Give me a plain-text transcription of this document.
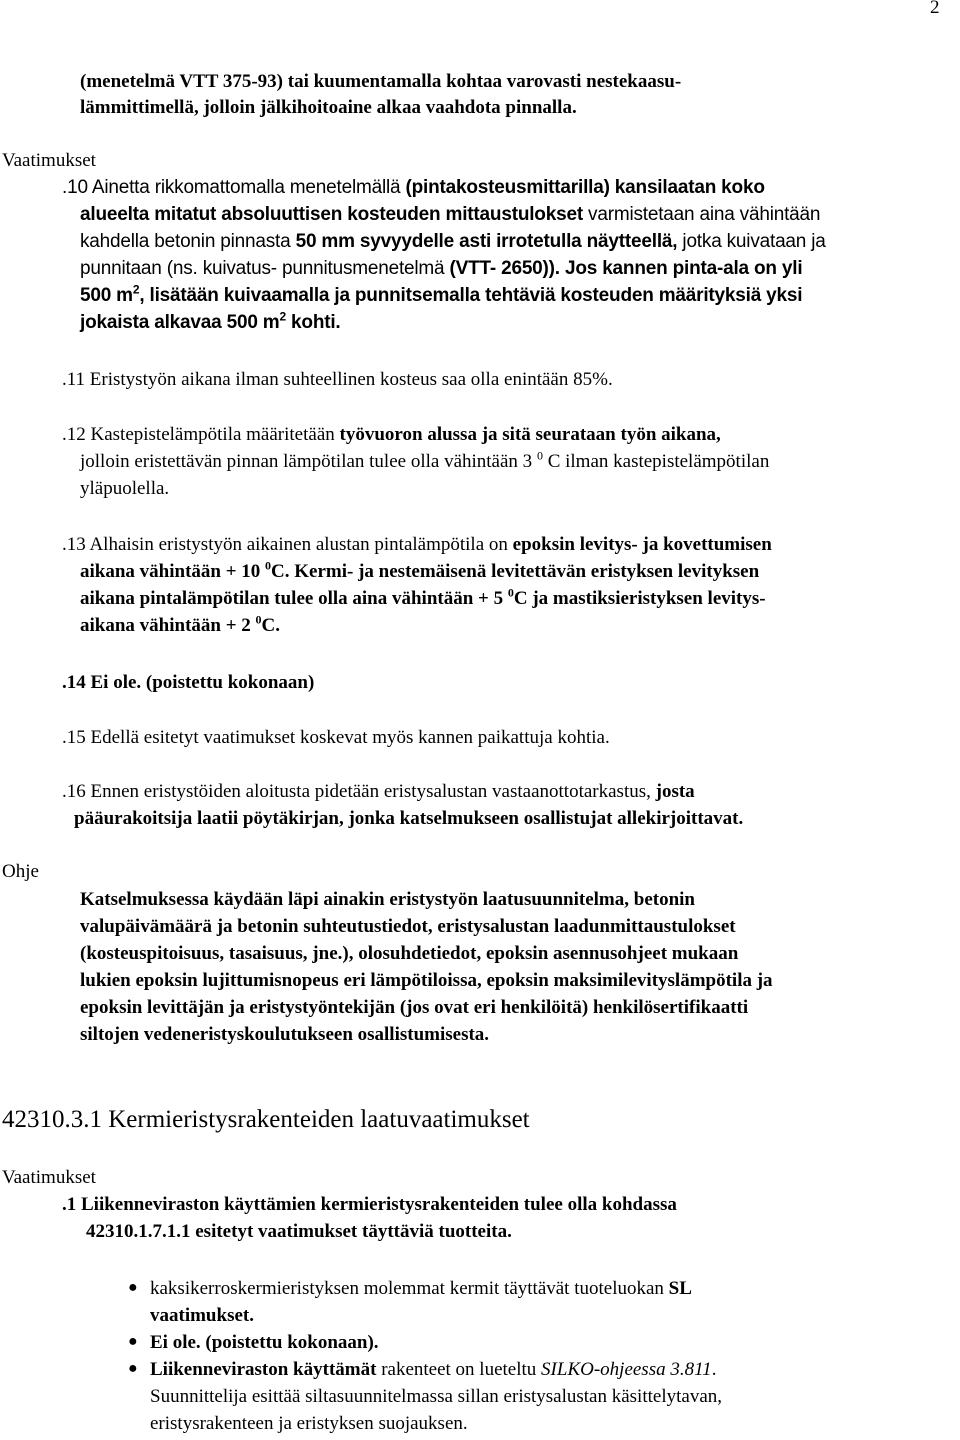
2
(menetelmä VTT 375-93) tai kuumentamalla kohtaa varovasti nestekaasu-
lämmittimellä, jolloin jälkihoitoaine alkaa vaahdota pinnalla.
Vaatimukset
.10 Ainetta rikkomattomalla menetelmällä (pintakosteusmittarilla) kansilaatan koko
alueelta mitatut absoluuttisen kosteuden mittaustulokset varmistetaan aina vähintään
kahdella betonin pinnasta 50 mm syvyydelle asti irrotetulla näytteellä, jotka kuivataan ja
punnitaan (ns. kuivatus- punnitusmenetelmä (VTT- 2650)). Jos kannen pinta-ala on yli
500 $m^2$, lisätään kuivaamalla ja punnitsemalla tehtäviä kosteuden määrityksiä yksi
jokaista alkavaa 500 $m^2$ kohti.
.11 Eristystyön aikana ilman suhteellinen kosteus saa olla enintään 85%.
.12 Kastepistelämpötila määritetään työvuoron alussa ja sitä seurataan työn aikana,
jolloin eristettävän pinnan lämpötilan tulee olla vähintään 3 $^0$ C ilman kastepistelämpötilan
yläpuolella.
.13 Alhaisin eristystyön aikainen alustan pintalämpötila on epoksin levitys- ja kovettumisen
aikana vähintään + 10 $^0$C. Kermi- ja nestemäisenä levitettävän eristyksen levityksen
aikana pintalämpötilan tulee olla aina vähintään + 5 $^0$C ja mastiksieristyksen levitys-
aikana vähintään + 2 $^0$C.
.14 Ei ole. (poistettu kokonaan)
.15 Edellä esitetyt vaatimukset koskevat myös kannen paikattuja kohtia.
.16 Ennen eristystöiden aloitusta pidetään eristysalustan vastaanottotarkastus, josta
pääurakoitsija laatii pöytäkirjan, jonka katselmukseen osallistujat allekirjoittavat.
Ohje
Katselmuksessa käydään läpi ainakin eristystyön laatusuunnitelma, betonin
valupäivämäärä ja betonin suhteutustiedot, eristysalustan laadunmittaustulokset
(kosteuspitoisuus, tasaisuus, jne.), olosuhdetiedot, epoksin asennusohjeet mukaan
lukien epoksin lujittumisnopeus eri lämpötiloissa, epoksin maksimilevityslämpötila ja
epoksin levittäjän ja eristystyöntekijän (jos ovat eri henkilöitä) henkilösertifikaatti
siltojen vedeneristyskoulutukseen osallistumisesta.
42310.3.1 Kermieristysrakenteiden laatuvaatimukset
Vaatimukset
.1 Liikenneviraston käyttämien kermieristysrakenteiden tulee olla kohdassa
42310.1.7.1.1 esitetyt vaatimukset täyttäviä tuotteita.
● kaksikerroskermieristyksen molemmat kermit täyttävät tuoteluokan SL
vaatimukset.
● Ei ole. (poistettu kokonaan).
● Liikenneviraston käyttämät rakenteet on lueteltu SILKO-ohjeessa 3.811.
Suunnittelija esittää siltasuunnitelmassa sillan eristysalustan käsittelytavan,
eristysrakenteen ja eristyksen suojauksen.
